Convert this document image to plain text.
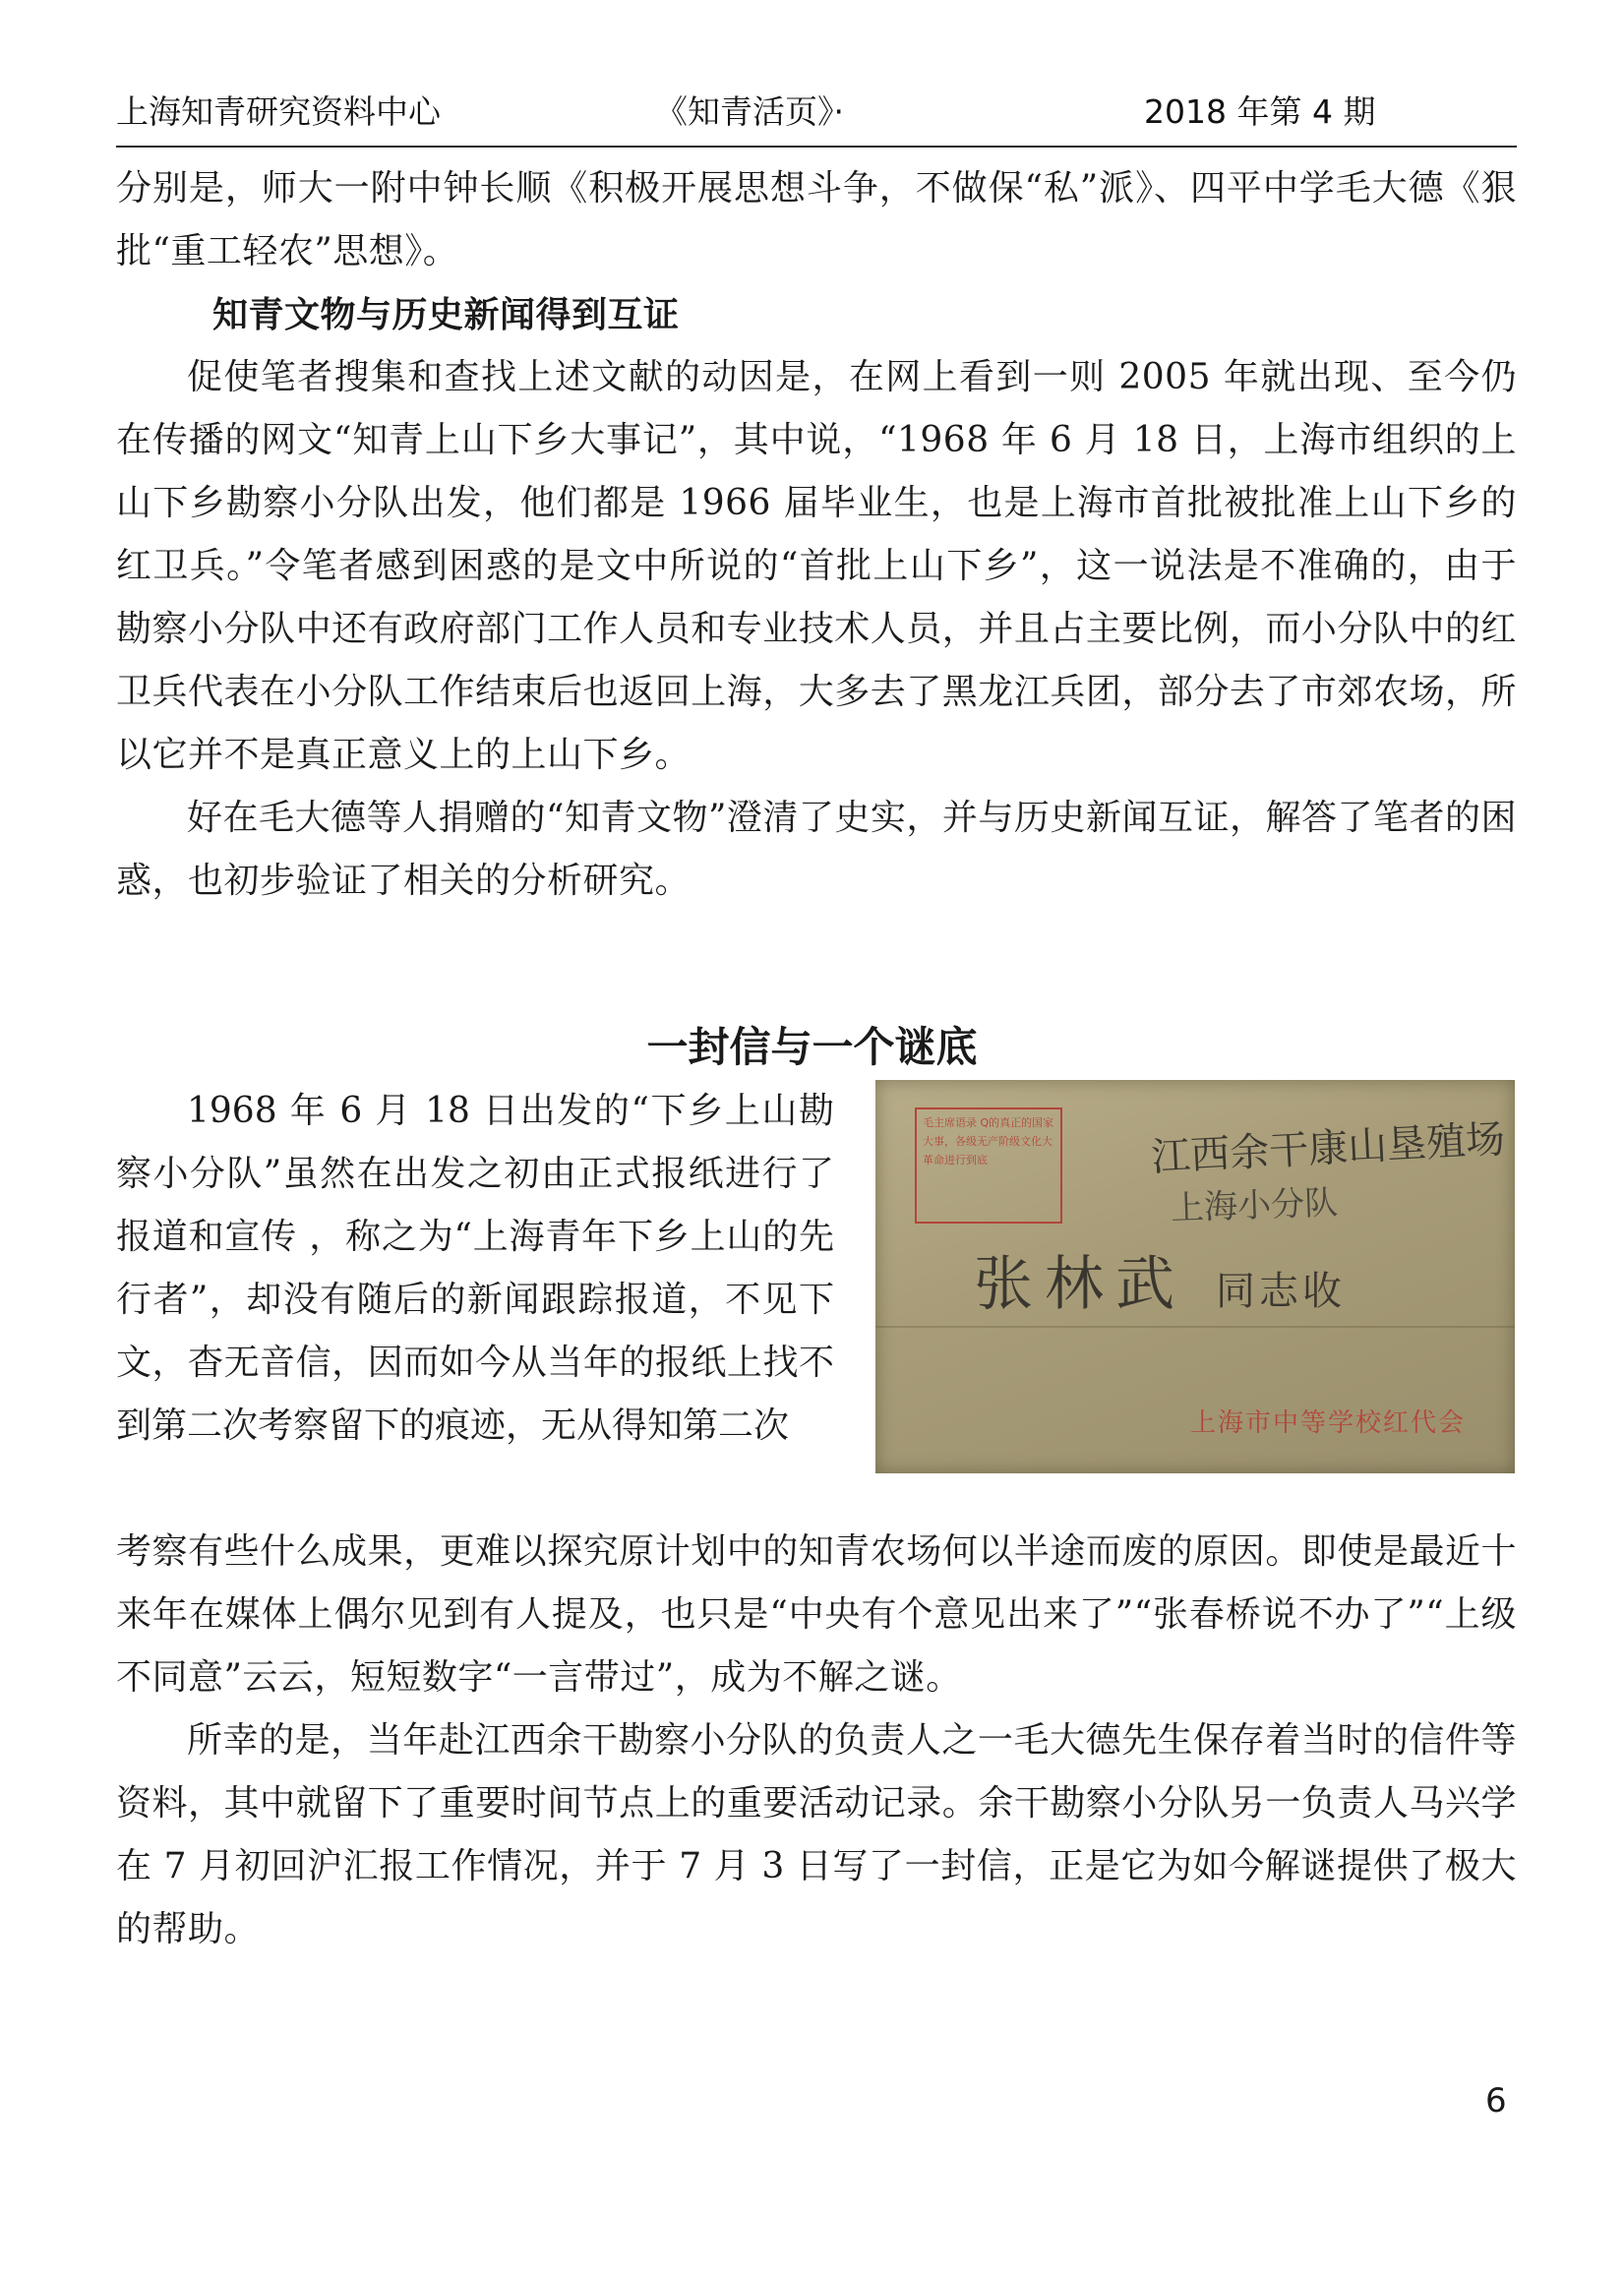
上海知青研究资料中心	《知青活页》·	2018 年第 4 期

分别是，师大一附中钟长顺《积极开展思想斗争，不做保“私”派》、四平中学毛大德《狠批“重工轻农”思想》。

知青文物与历史新闻得到互证

促使笔者搜集和查找上述文献的动因是，在网上看到一则 2005 年就出现、至今仍在传播的网文“知青上山下乡大事记”，其中说，“1968 年 6 月 18 日，上海市组织的上山下乡勘察小分队出发，他们都是 1966 届毕业生，也是上海市首批被批准上山下乡的红卫兵。”令笔者感到困惑的是文中所说的“首批上山下乡”，这一说法是不准确的，由于勘察小分队中还有政府部门工作人员和专业技术人员，并且占主要比例，而小分队中的红卫兵代表在小分队工作结束后也返回上海，大多去了黑龙江兵团，部分去了市郊农场，所以它并不是真正意义上的上山下乡。

好在毛大德等人捐赠的“知青文物”澄清了史实，并与历史新闻互证，解答了笔者的困惑，也初步验证了相关的分析研究。

一封信与一个谜底

1968 年 6 月 18 日出发的“下乡上山勘察小分队”虽然在出发之初由正式报纸进行了报道和宣传 ，称之为“上海青年下乡上山的先行者”，却没有随后的新闻跟踪报道，不见下文，杳无音信，因而如今从当年的报纸上找不到第二次考察留下的痕迹，无从得知第二次

毛主席语录 Q的真正的国家大事，各级无产阶级文化大革命进行到底	江西余干康山垦殖场
上海小分队
张林武 同志收
上海市中等学校红代会

考察有些什么成果，更难以探究原计划中的知青农场何以半途而废的原因。即使是最近十来年在媒体上偶尔见到有人提及，也只是“中央有个意见出来了”“张春桥说不办了”“上级不同意”云云，短短数字“一言带过”，成为不解之谜。

所幸的是，当年赴江西余干勘察小分队的负责人之一毛大德先生保存着当时的信件等资料，其中就留下了重要时间节点上的重要活动记录。余干勘察小分队另一负责人马兴学在 7 月初回沪汇报工作情况，并于 7 月 3 日写了一封信，正是它为如今解谜提供了极大的帮助。

6
